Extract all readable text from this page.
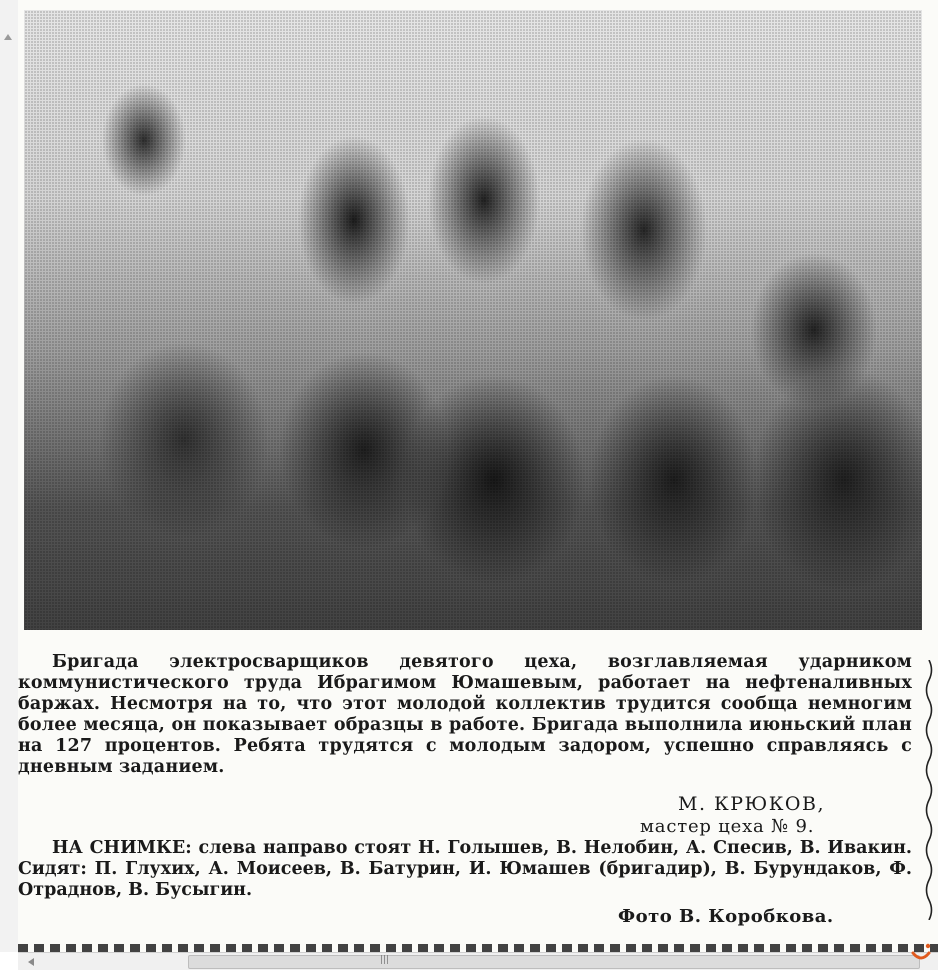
Бригада электросварщиков девятого цеха, возглавляемая ударником коммунистического труда Ибрагимом Юмашевым, работает на нефтеналивных баржах. Несмотря на то, что этот молодой коллектив трудится сообща немногим более месяца, он показывает образцы в работе. Бригада выполнила июньский план на 127 процентов. Ребята трудятся с молодым задором, успешно справляясь с дневным заданием.

М. КРЮКОВ,
мастер цеха № 9.

НА СНИМКЕ: слева направо стоят Н. Голышев, В. Нелобин, А. Спесив, В. Ивакин. Сидят: П. Глухих, А. Моисеев, В. Батурин, И. Юмашев (бригадир), В. Бурундаков, Ф. Отраднов, В. Бусыгин.

Фото В. Коробкова.
|||
